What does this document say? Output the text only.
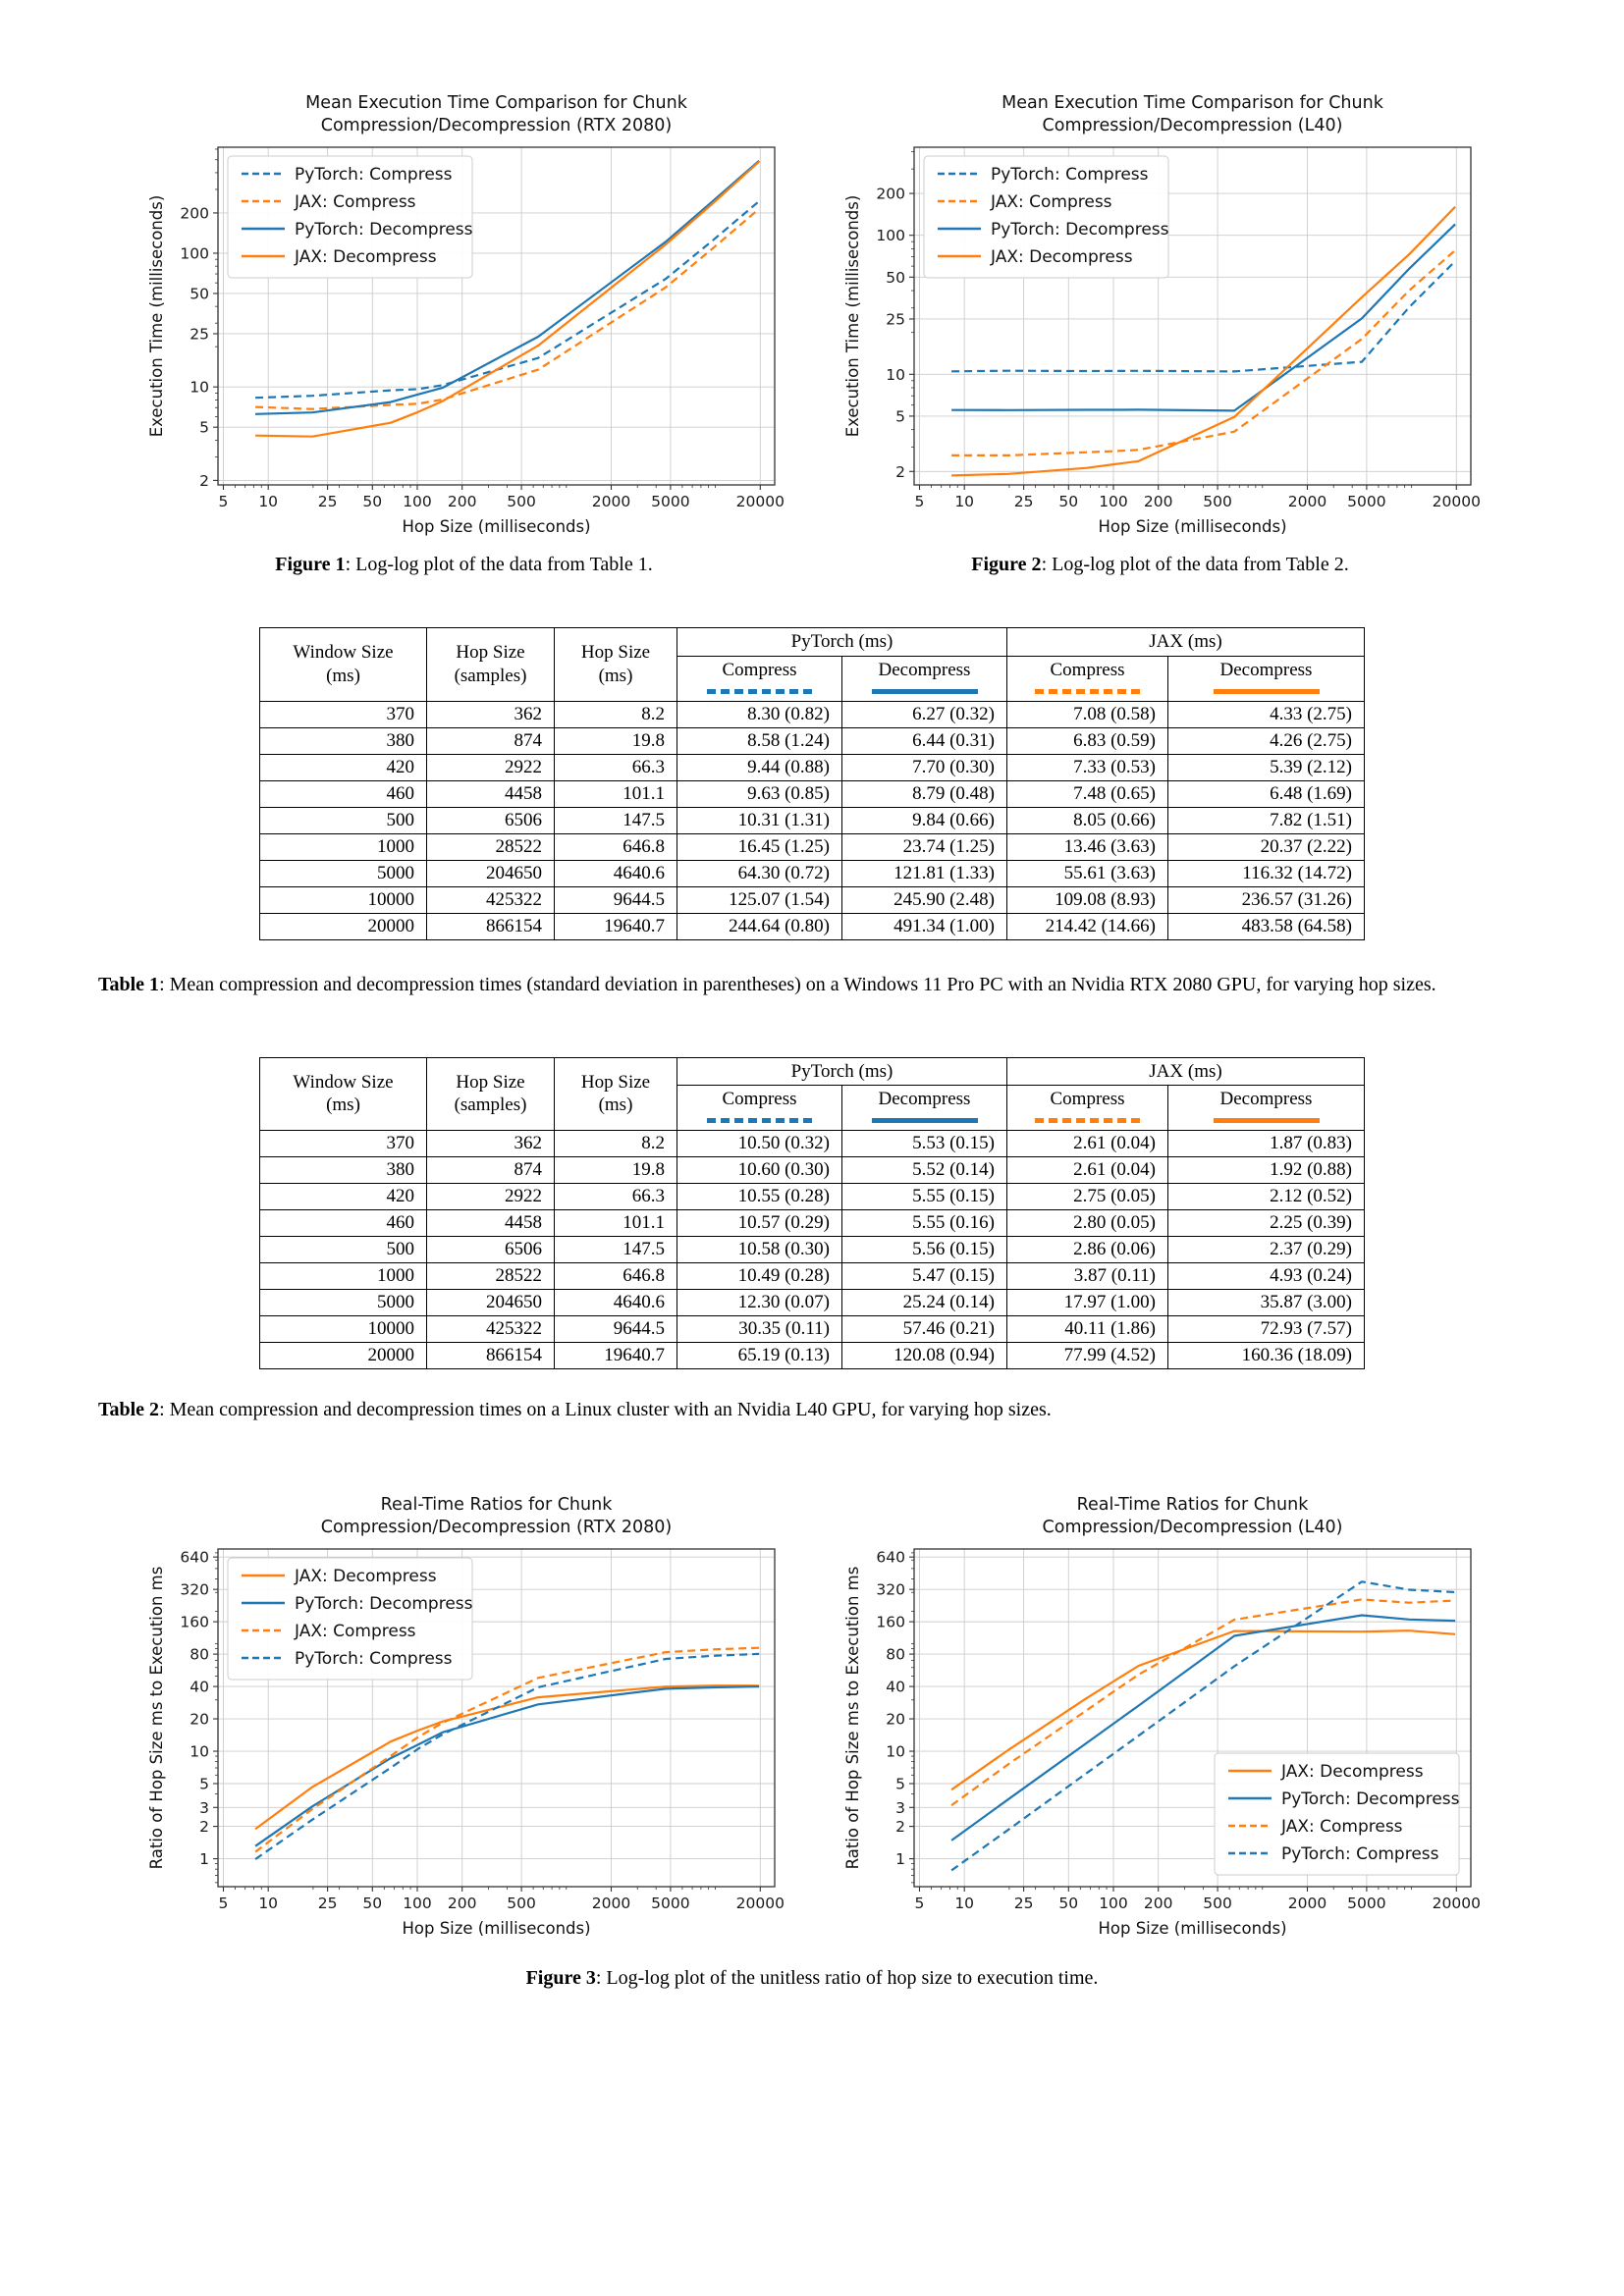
5 10	25 50 100 200 500	2000 5000	20000
2
5
10
25
50
100
200
Mean Execution Time Comparison for Chunk
Compression/Decompression (RTX 2080)
Hop Size (milliseconds)
Execution Time (milliseconds)
PyTorch: Compress
JAX: Compress
PyTorch: Decompress
JAX: Decompress

Figure 1: Log-log plot of the data from Table 1.

5 10	25 50 100 200 500	2000 5000	20000
2
5
10
25
50
100
200
Mean Execution Time Comparison for Chunk
Compression/Decompression (L40)
Hop Size (milliseconds)
Execution Time (milliseconds)
PyTorch: Compress
JAX: Compress
PyTorch: Decompress
JAX: Decompress

Figure 2: Log-log plot of the data from Table 2.

Window Size
(ms)

Hop Size
(samples)

Hop Size
(ms)
	PyTorch (ms)	JAX (ms)

			Compress	Decompress	Compress	Decompress

370	362	8.2	8.30 (0.82)	6.27 (0.32)	7.08 (0.58)	4.33 (2.75)
380	874	19.8	8.58 (1.24)	6.44 (0.31)	6.83 (0.59)	4.26 (2.75)
420	2922	66.3	9.44 (0.88)	7.70 (0.30)	7.33 (0.53)	5.39 (2.12)
460	4458	101.1	9.63 (0.85)	8.79 (0.48)	7.48 (0.65)	6.48 (1.69)
500	6506	147.5	10.31 (1.31)	9.84 (0.66)	8.05 (0.66)	7.82 (1.51)
1000	28522	646.8	16.45 (1.25)	23.74 (1.25)	13.46 (3.63)	20.37 (2.22)
5000	204650	4640.6	64.30 (0.72)	121.81 (1.33)	55.61 (3.63)	116.32 (14.72)
10000	425322	9644.5	125.07 (1.54)	245.90 (2.48)	109.08 (8.93)	236.57 (31.26)
20000	866154	19640.7	244.64 (0.80)	491.34 (1.00)	214.42 (14.66)	483.58 (64.58)

Table 1: Mean compression and decompression times (standard deviation in parentheses) on a Windows 11 Pro PC with an Nvidia RTX 2080 GPU, for varying hop sizes.

Window Size
(ms)

Hop Size
(samples)

Hop Size
(ms)
	PyTorch (ms)	JAX (ms)

			Compress	Decompress	Compress	Decompress

370	362	8.2	10.50 (0.32)	5.53 (0.15)	2.61 (0.04)	1.87 (0.83)
380	874	19.8	10.60 (0.30)	5.52 (0.14)	2.61 (0.04)	1.92 (0.88)
420	2922	66.3	10.55 (0.28)	5.55 (0.15)	2.75 (0.05)	2.12 (0.52)
460	4458	101.1	10.57 (0.29)	5.55 (0.16)	2.80 (0.05)	2.25 (0.39)
500	6506	147.5	10.58 (0.30)	5.56 (0.15)	2.86 (0.06)	2.37 (0.29)
1000	28522	646.8	10.49 (0.28)	5.47 (0.15)	3.87 (0.11)	4.93 (0.24)
5000	204650	4640.6	12.30 (0.07)	25.24 (0.14)	17.97 (1.00)	35.87 (3.00)
10000	425322	9644.5	30.35 (0.11)	57.46 (0.21)	40.11 (1.86)	72.93 (7.57)
20000	866154	19640.7	65.19 (0.13)	120.08 (0.94)	77.99 (4.52)	160.36 (18.09)

Table 2: Mean compression and decompression times on a Linux cluster with an Nvidia L40 GPU, for varying hop sizes.

5 10	25 50 100 200 500	2000 5000	20000
1
2
3
5
10
20
40
80
160
320
640
Real-Time Ratios for Chunk
Compression/Decompression (RTX 2080)
Hop Size (milliseconds)
Ratio of Hop Size ms to Execution ms	JAX: Decompress
PyTorch: Decompress
JAX: Compress
PyTorch: Compress
5 10	25 50 100 200 500	2000 5000	20000
1
2
3
5
10
20
40
80
160
320
640
Real-Time Ratios for Chunk
Compression/Decompression (L40)
Hop Size (milliseconds)
Ratio of Hop Size ms to Execution ms	JAX: Decompress
PyTorch: Decompress
JAX: Compress
PyTorch: Compress

Figure 3: Log-log plot of the unitless ratio of hop size to execution time.
